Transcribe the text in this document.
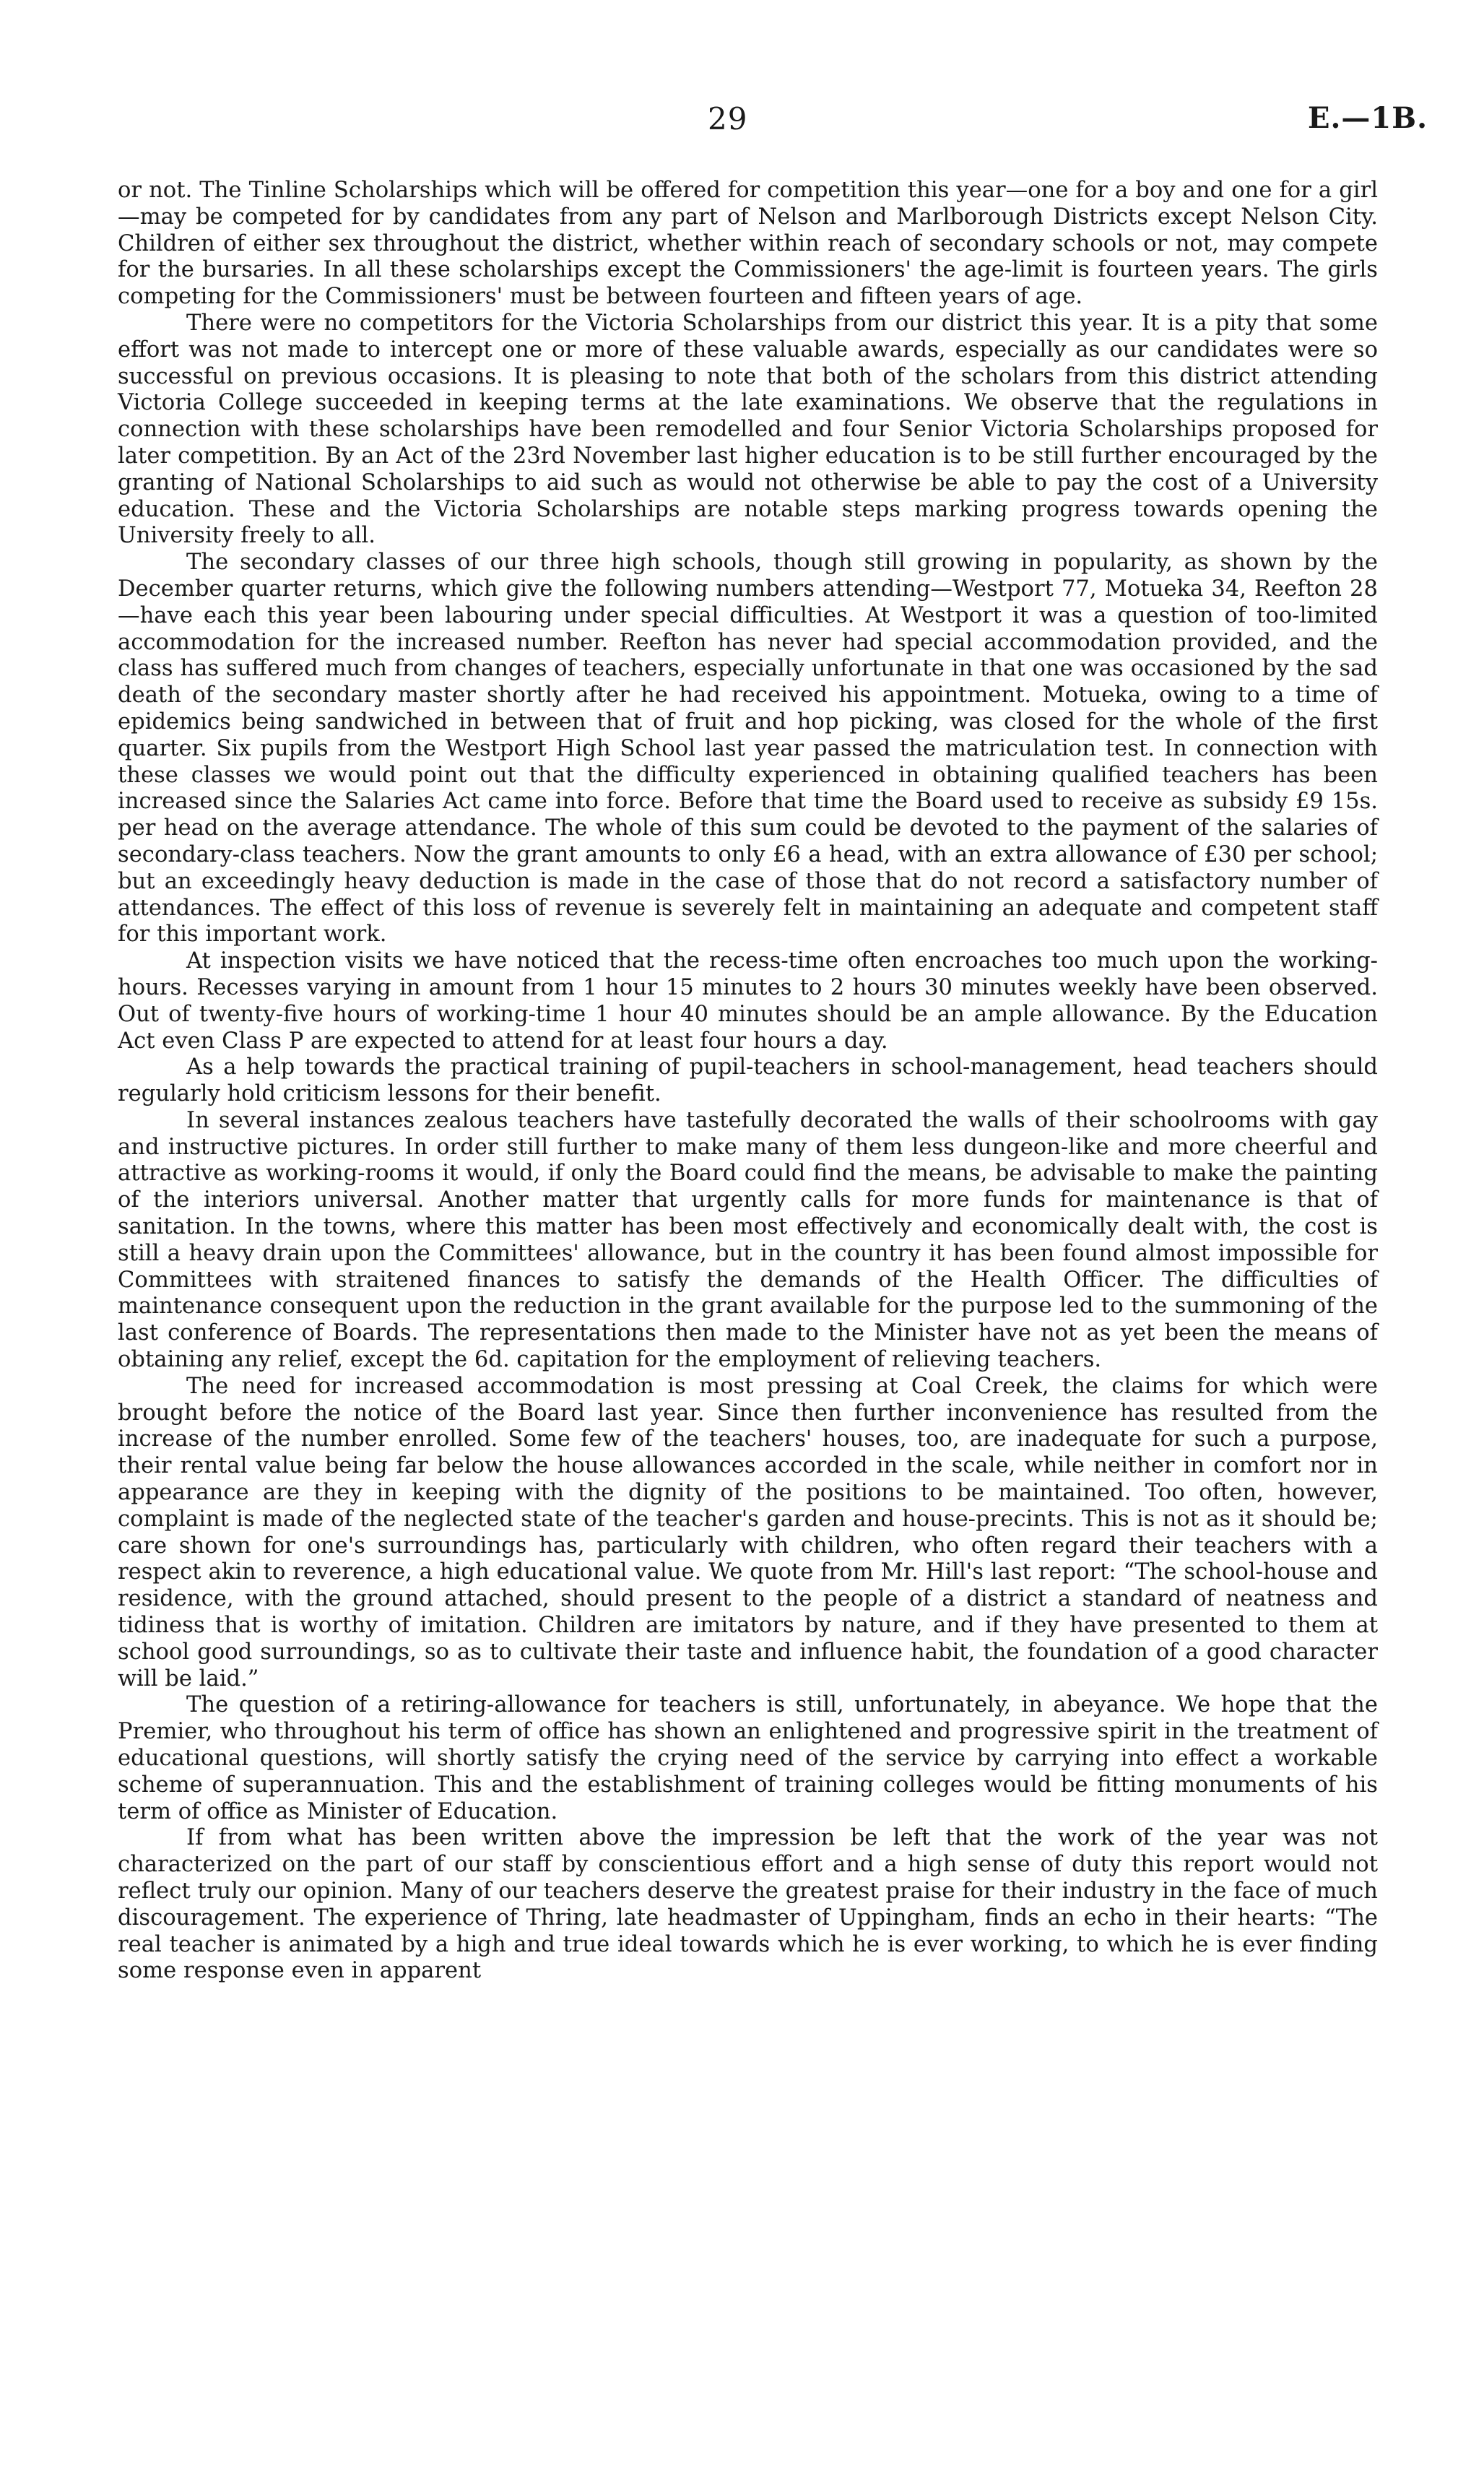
29	E.—1B.

or not. The Tinline Scholarships which will be offered for competition this year—one for a boy and one for a girl—may be competed for by candidates from any part of Nelson and Marlborough Districts except Nelson City. Children of either sex throughout the district, whether within reach of secondary schools or not, may compete for the bursaries. In all these scholarships except the Commissioners' the age-limit is fourteen years. The girls competing for the Commissioners' must be between fourteen and fifteen years of age.

There were no competitors for the Victoria Scholarships from our district this year. It is a pity that some effort was not made to intercept one or more of these valuable awards, especially as our candidates were so successful on previous occasions. It is pleasing to note that both of the scholars from this district attending Victoria College succeeded in keeping terms at the late examinations. We observe that the regulations in connection with these scholarships have been remodelled and four Senior Victoria Scholarships proposed for later competition. By an Act of the 23rd November last higher education is to be still further encouraged by the granting of National Scholarships to aid such as would not otherwise be able to pay the cost of a University education. These and the Victoria Scholarships are notable steps marking progress towards opening the University freely to all.

The secondary classes of our three high schools, though still growing in popularity, as shown by the December quarter returns, which give the following numbers attending—Westport 77, Motueka 34, Reefton 28—have each this year been labouring under special difficulties. At Westport it was a question of too-limited accommodation for the increased number. Reefton has never had special accommodation provided, and the class has suffered much from changes of teachers, especially unfortunate in that one was occasioned by the sad death of the secondary master shortly after he had received his appointment. Motueka, owing to a time of epidemics being sandwiched in between that of fruit and hop picking, was closed for the whole of the first quarter. Six pupils from the Westport High School last year passed the matriculation test. In connection with these classes we would point out that the difficulty experienced in obtaining qualified teachers has been increased since the Salaries Act came into force. Before that time the Board used to receive as subsidy £9 15s. per head on the average attendance. The whole of this sum could be devoted to the payment of the salaries of secondary-class teachers. Now the grant amounts to only £6 a head, with an extra allowance of £30 per school; but an exceedingly heavy deduction is made in the case of those that do not record a satisfactory number of attendances. The effect of this loss of revenue is severely felt in maintaining an adequate and competent staff for this important work.

At inspection visits we have noticed that the recess-time often encroaches too much upon the working-hours. Recesses varying in amount from 1 hour 15 minutes to 2 hours 30 minutes weekly have been observed. Out of twenty-five hours of working-time 1 hour 40 minutes should be an ample allowance. By the Education Act even Class P are expected to attend for at least four hours a day.

As a help towards the practical training of pupil-teachers in school-management, head teachers should regularly hold criticism lessons for their benefit.

In several instances zealous teachers have tastefully decorated the walls of their schoolrooms with gay and instructive pictures. In order still further to make many of them less dungeon-like and more cheerful and attractive as working-rooms it would, if only the Board could find the means, be advisable to make the painting of the interiors universal. Another matter that urgently calls for more funds for maintenance is that of sanitation. In the towns, where this matter has been most effectively and economically dealt with, the cost is still a heavy drain upon the Committees' allowance, but in the country it has been found almost impossible for Committees with straitened finances to satisfy the demands of the Health Officer. The difficulties of maintenance consequent upon the reduction in the grant available for the purpose led to the summoning of the last conference of Boards. The representations then made to the Minister have not as yet been the means of obtaining any relief, except the 6d. capitation for the employment of relieving teachers.

The need for increased accommodation is most pressing at Coal Creek, the claims for which were brought before the notice of the Board last year. Since then further inconvenience has resulted from the increase of the number enrolled. Some few of the teachers' houses, too, are inadequate for such a purpose, their rental value being far below the house allowances accorded in the scale, while neither in comfort nor in appearance are they in keeping with the dignity of the positions to be maintained. Too often, however, complaint is made of the neglected state of the teacher's garden and house-precints. This is not as it should be; care shown for one's surroundings has, particularly with children, who often regard their teachers with a respect akin to reverence, a high educational value. We quote from Mr. Hill's last report: “The school-house and residence, with the ground attached, should present to the people of a district a standard of neatness and tidiness that is worthy of imitation. Children are imitators by nature, and if they have presented to them at school good surroundings, so as to cultivate their taste and influence habit, the foundation of a good character will be laid.”

The question of a retiring-allowance for teachers is still, unfortunately, in abeyance. We hope that the Premier, who throughout his term of office has shown an enlightened and progressive spirit in the treatment of educational questions, will shortly satisfy the crying need of the service by carrying into effect a workable scheme of superannuation. This and the establishment of training colleges would be fitting monuments of his term of office as Minister of Education.

If from what has been written above the impression be left that the work of the year was not characterized on the part of our staff by conscientious effort and a high sense of duty this report would not reflect truly our opinion. Many of our teachers deserve the greatest praise for their industry in the face of much discouragement. The experience of Thring, late headmaster of Uppingham, finds an echo in their hearts: “The real teacher is animated by a high and true ideal towards which he is ever working, to which he is ever finding some response even in apparent
